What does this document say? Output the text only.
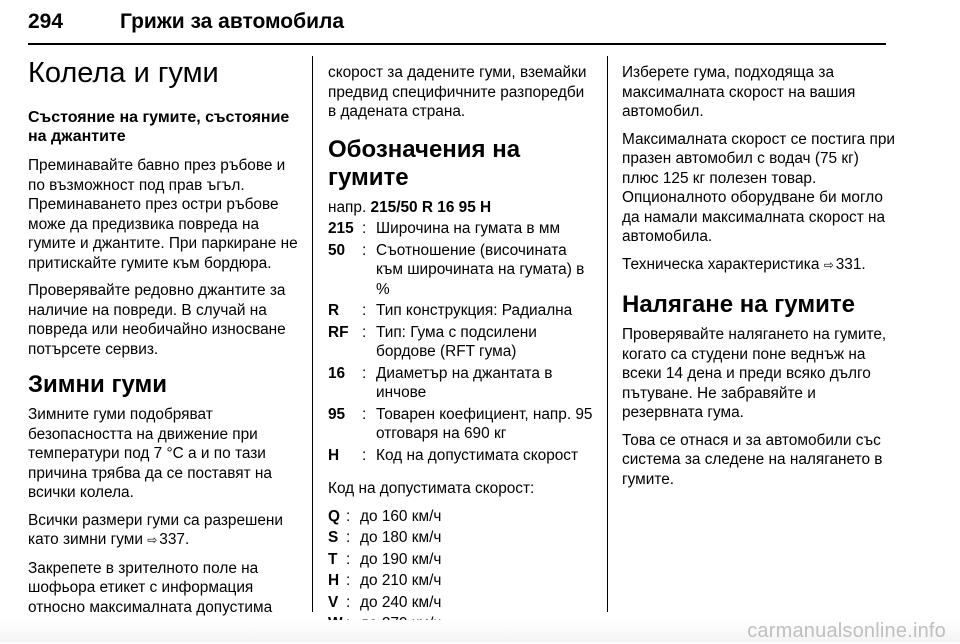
294	Грижи за автомобила
Колела и гуми
Състояние на гумите, състояние на джантите

Преминавайте бавно през ръбове и по възможност под прав ъгъл. Преминаването през остри ръбове може да предизвика повреда на гумите и джантите. При паркиране не притискайте гумите към бордюра.

Проверявайте редовно джантите за наличие на повреди. В случай на повреда или необичайно износване потърсете сервиз.

Зимни гуми

Зимните гуми подобряват безопасността на движение при температури под 7 °C а и по тази причина трябва да се поставят на всички колела.

Всички размери гуми са разрешени като зимни гуми ⇨ 337.

Закрепете в зрителното поле на шофьора етикет с информация относно максималната допустима

скорост за дадените гуми, вземайки предвид специфичните разпоредби в дадената страна.

Обозначения на гумите
напр. 215/50 R 16 95 H
215 : Широчина на гумата в мм
50	: Съотношение (височината към широчината на гумата) в %
R	: Тип конструкция: Радиална
RF : Тип: Гума с подсилени бордове (RFT гума)
16	: Диаметър на джантата в инчове
95	: Товарен коефициент, напр. 95 отговаря на 690 кг
H	: Код на допустимата скорост

Код на допустимата скорост:

Q : до 160 км/ч
S : до 180 км/ч
T : до 190 км/ч
H : до 210 км/ч
V : до 240 км/ч

Изберете гума, подходяща за максималната скорост на вашия автомобил.

Максималната скорост се постига при празен автомобил с водач (75 кг) плюс 125 кг полезен товар. Опционалното оборудване би могло да намали максималната скорост на автомобила.

Техническа характеристика ⇨ 331.

Налягане на гумите

Проверявайте налягането на гумите, когато са студени поне веднъж на всеки 14 дена и преди всяко дълго пътуване. Не забравяйте и резервната гума.

Това се отнася и за автомобили със система за следене на налягането в гумите.

carmanualsonline.info
